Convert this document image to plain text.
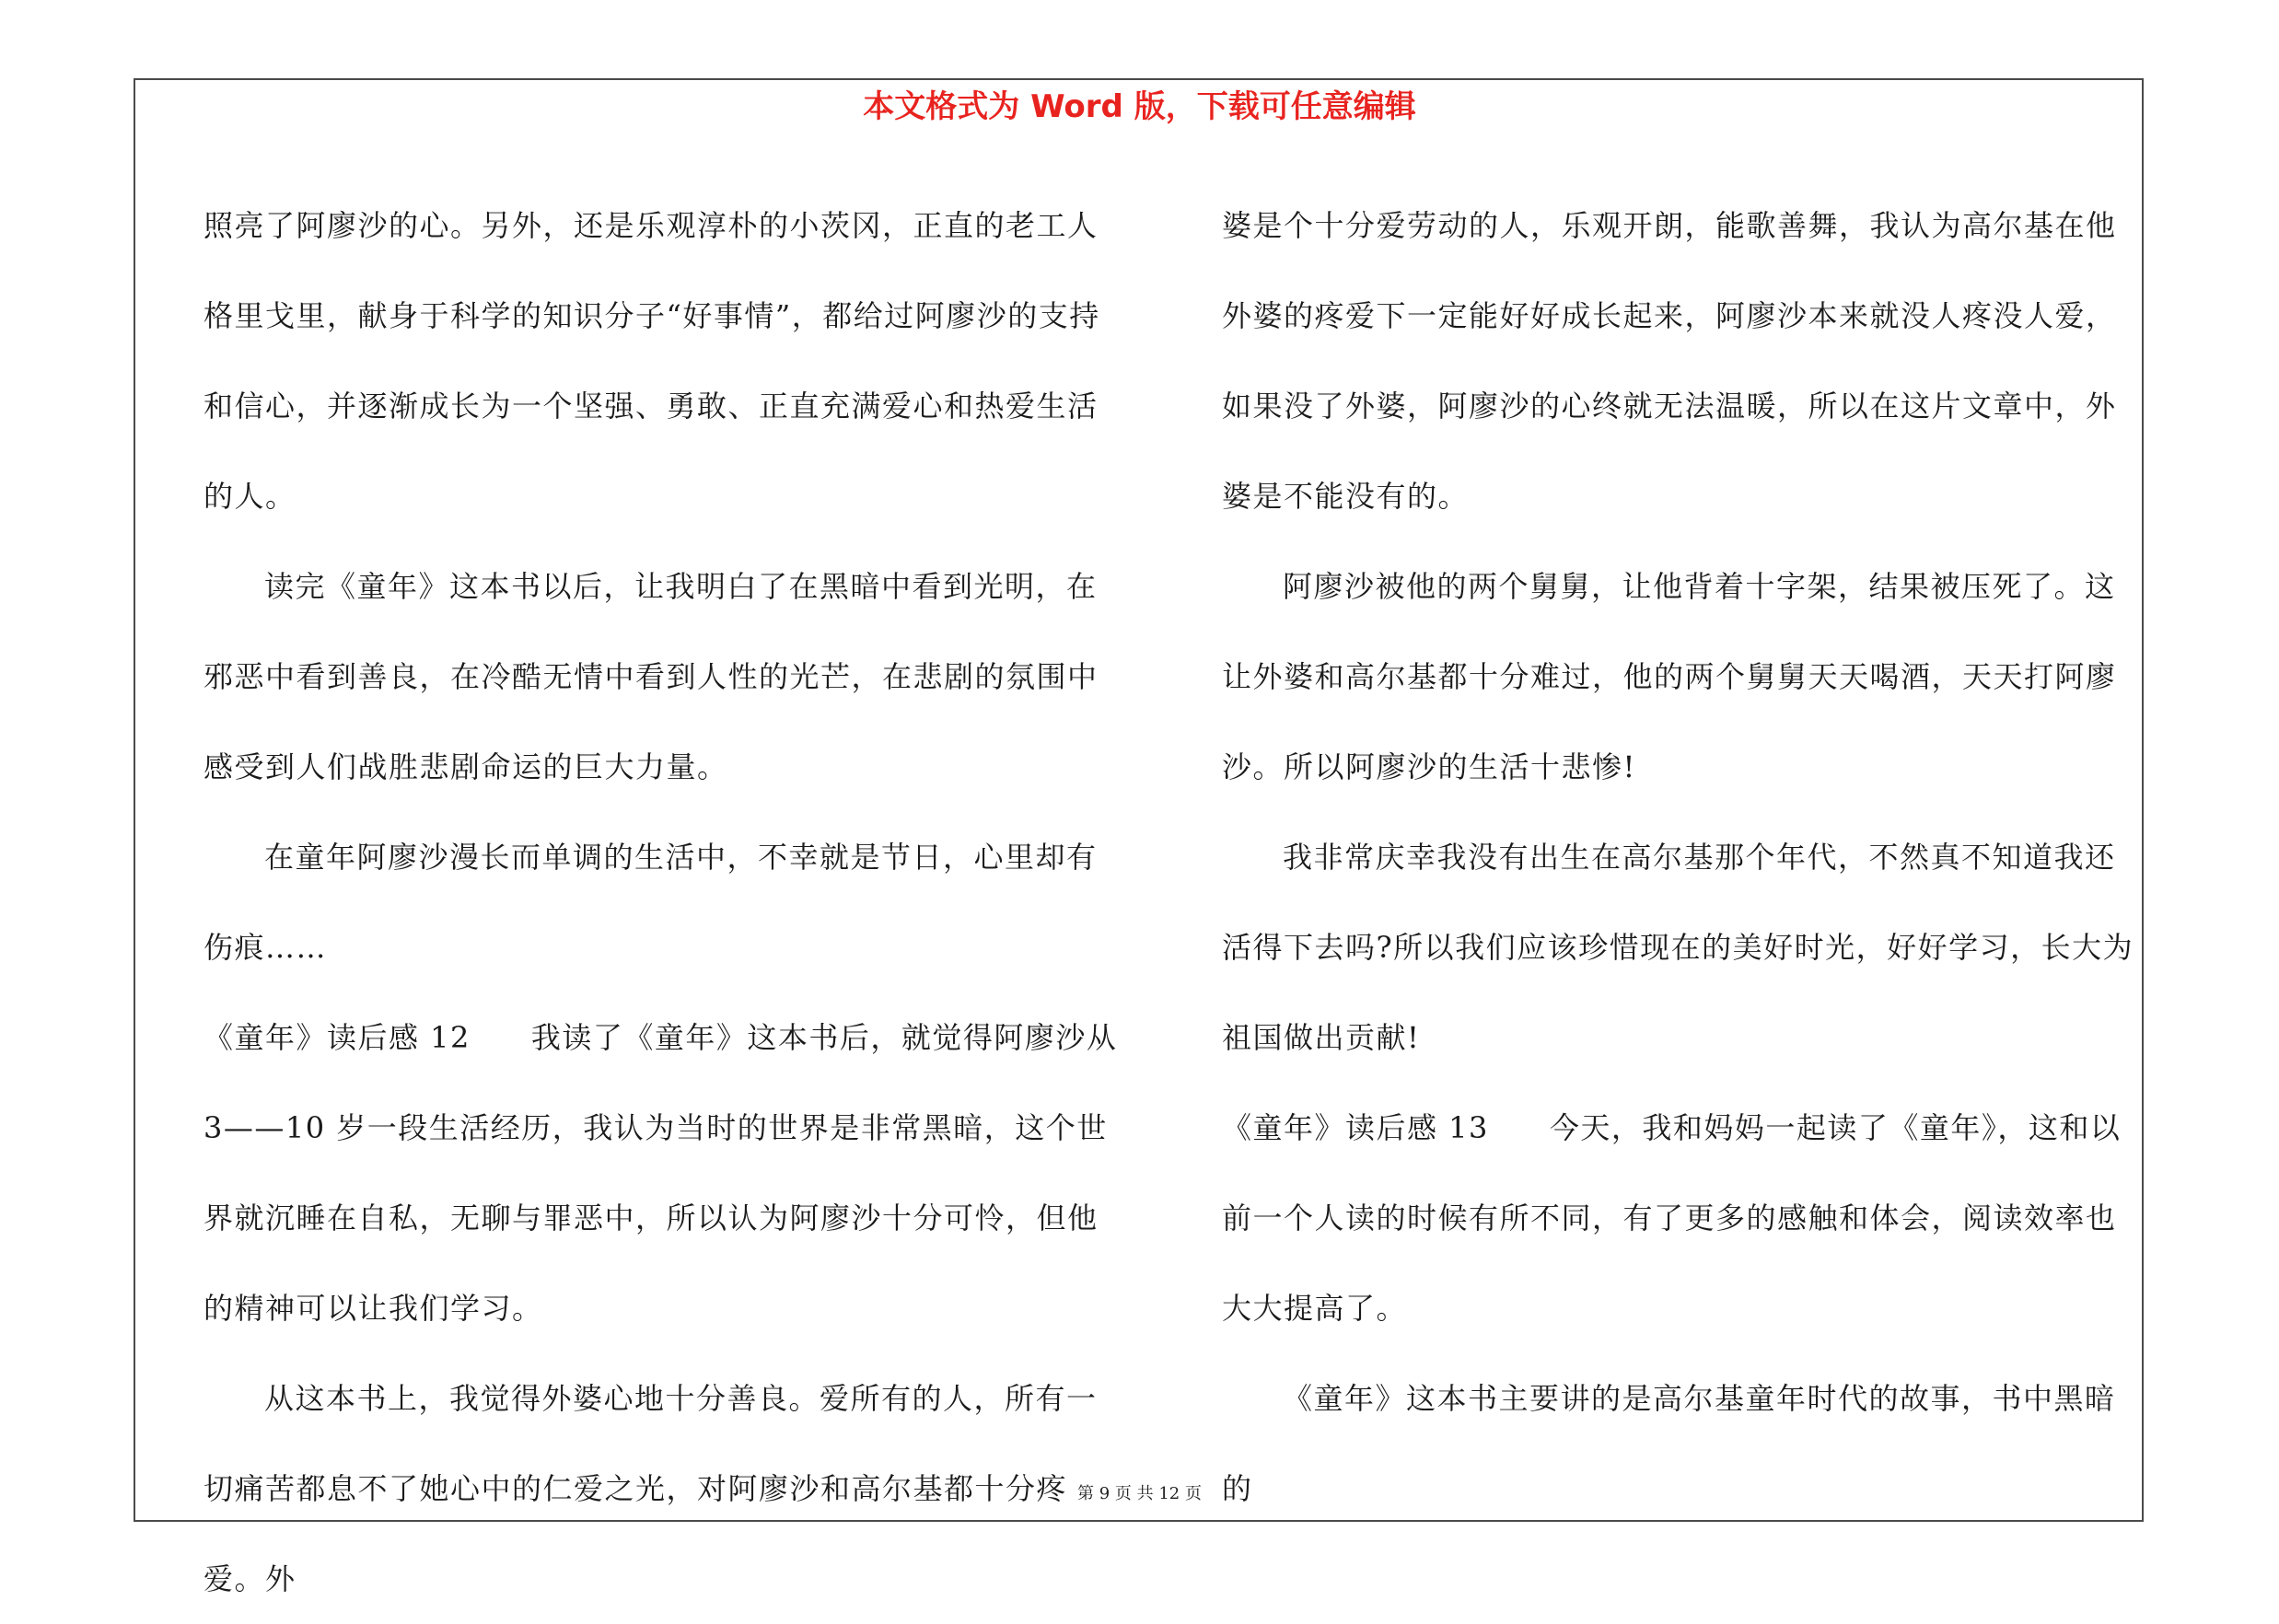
本文格式为 Word 版，下载可任意编辑

照亮了阿廖沙的心。另外，还是乐观淳朴的小茨冈，正直的老工人格里戈里，献身于科学的知识分子“好事情”，都给过阿廖沙的支持和信心，并逐渐成长为一个坚强、勇敢、正直充满爱心和热爱生活的人。

读完《童年》这本书以后，让我明白了在黑暗中看到光明，在邪恶中看到善良，在冷酷无情中看到人性的光芒，在悲剧的氛围中感受到人们战胜悲剧命运的巨大力量。

在童年阿廖沙漫长而单调的生活中，不幸就是节日，心里却有伤痕……

《童年》读后感 12 我读了《童年》这本书后，就觉得阿廖沙从3——10 岁一段生活经历，我认为当时的世界是非常黑暗，这个世界就沉睡在自私，无聊与罪恶中，所以认为阿廖沙十分可怜，但他的精神可以让我们学习。

从这本书上，我觉得外婆心地十分善良。爱所有的人，所有一切痛苦都息不了她心中的仁爱之光，对阿廖沙和高尔基都十分疼爱。外

婆是个十分爱劳动的人，乐观开朗，能歌善舞，我认为高尔基在他外婆的疼爱下一定能好好成长起来，阿廖沙本来就没人疼没人爱，如果没了外婆，阿廖沙的心终就无法温暖，所以在这片文章中，外婆是不能没有的。

阿廖沙被他的两个舅舅，让他背着十字架，结果被压死了。这让外婆和高尔基都十分难过，他的两个舅舅天天喝酒，天天打阿廖沙。所以阿廖沙的生活十悲惨!

我非常庆幸我没有出生在高尔基那个年代，不然真不知道我还活得下去吗?所以我们应该珍惜现在的美好时光，好好学习，长大为祖国做出贡献!

《童年》读后感 13 今天，我和妈妈一起读了《童年》，这和以前一个人读的时候有所不同，有了更多的感触和体会，阅读效率也大大提高了。

《童年》这本书主要讲的是高尔基童年时代的故事，书中黑暗的

第 9 页 共 12 页
